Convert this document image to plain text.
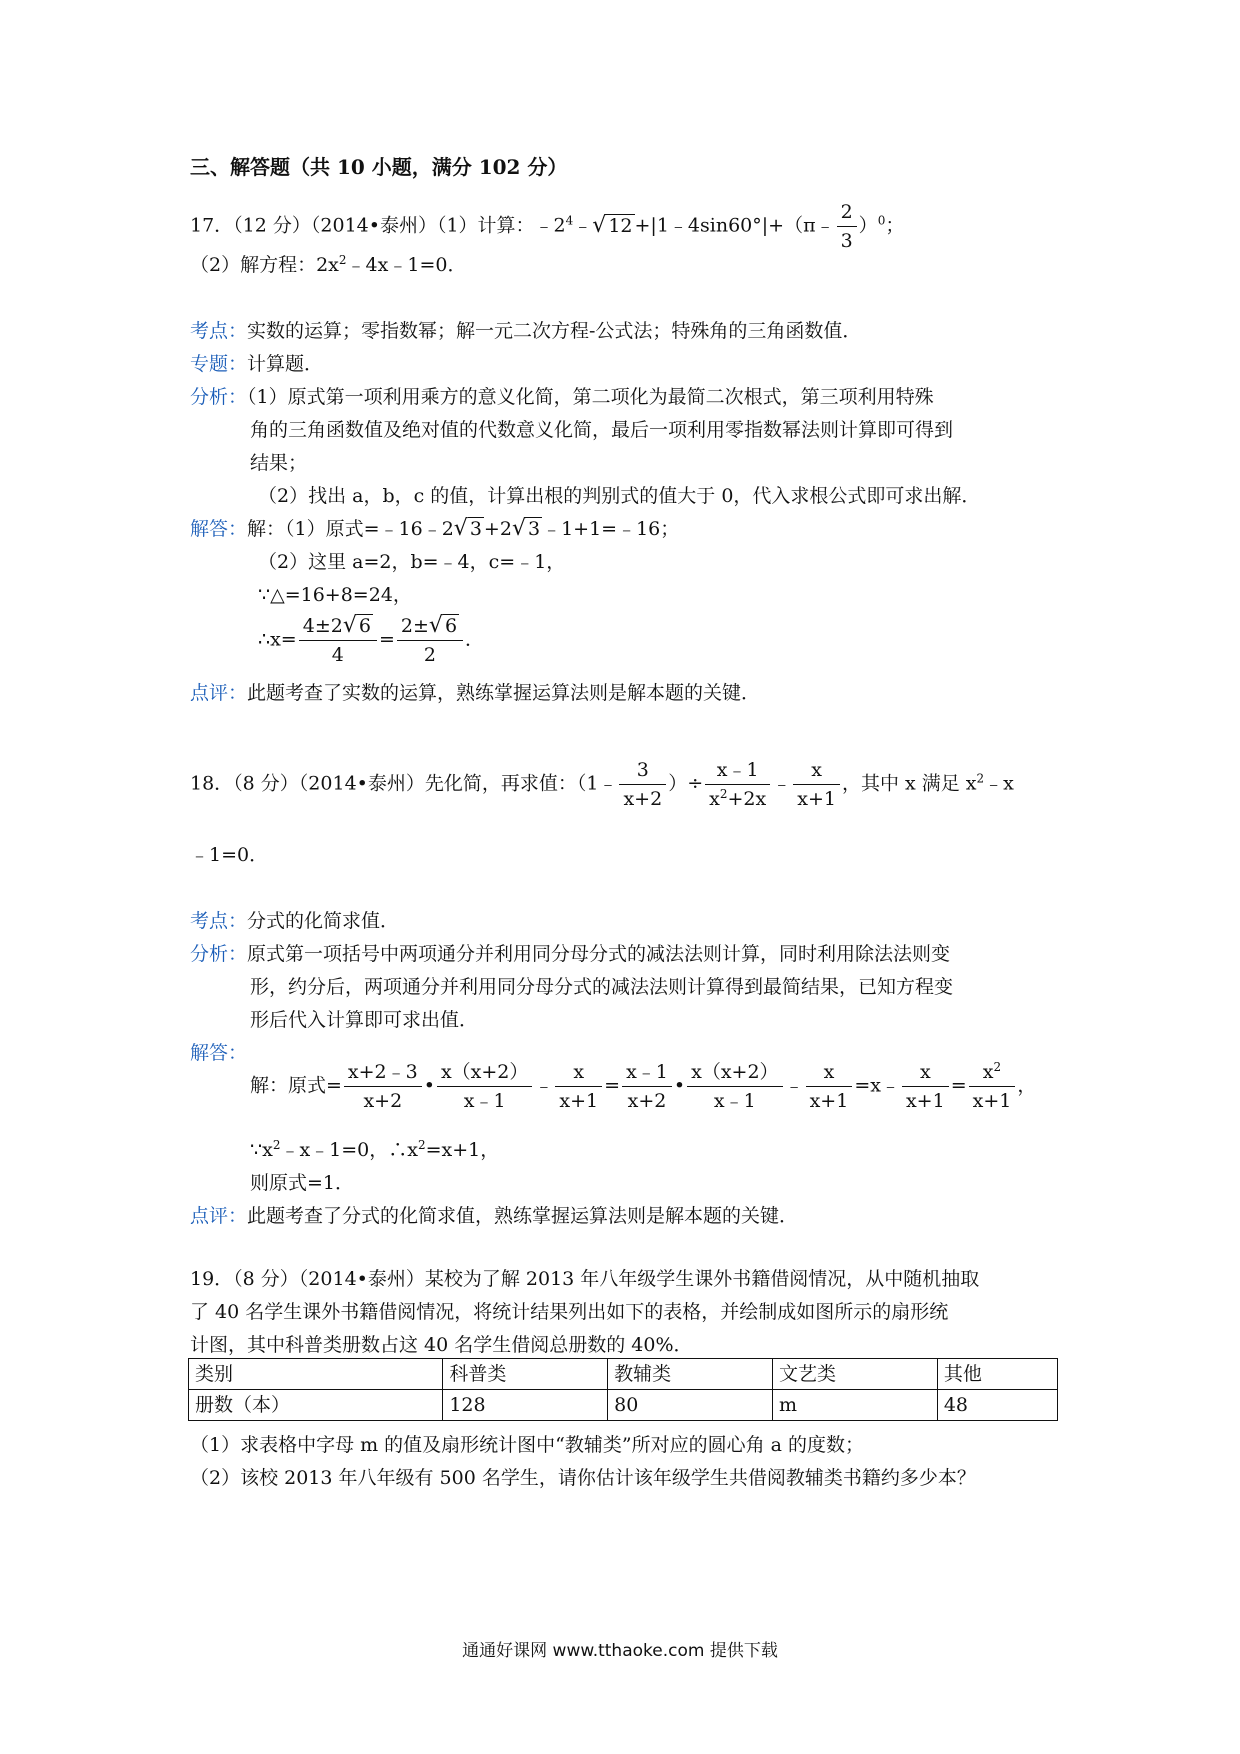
三、解答题（共 10 小题，满分 102 分）
17．（12 分）（2014•泰州）（1）计算：$﹣2^4﹣√$ 12 +|1﹣4sin60°|+（π﹣ $\frac{2}{3} )^0$；
（2）解方程：$2x^2﹣4x﹣1=0$．
考点：实数的运算；零指数幂；解一元二次方程-公式法；特殊角的三角函数值．
专题：计算题．
分析：（1）原式第一项利用乘方的意义化简，第二项化为最简二次根式，第三项利用特殊
角的三角函数值及绝对值的代数意义化简，最后一项利用零指数幂法则计算即可得到
结果；
（2）找出 a，b，c 的值，计算出根的判别式的值大于 0，代入求根公式即可求出解．
解答：解：（1）原式=﹣16﹣2√ 3 +2√ 3 ﹣1+1=﹣16；
（2）这里 a=2，b=﹣4，c=﹣1，
∵△=16+8=24，
∴x= $\frac{4\pm 2√ 6}{4} = \frac{2\pm√ 6}{2}$ ．
点评：此题考查了实数的运算，熟练掌握运算法则是解本题的关键．
18．（8 分）（2014•泰州）先化简，再求值：（1﹣ $\frac{3}{x+2}$ ）÷ $\frac{x﹣1}{x^2+2x}$ ﹣ $\frac{x}{x+1}$ ，其中 x 满足 $x^2﹣x$
﹣1=0．
考点：分式的化简求值．
分析：原式第一项括号中两项通分并利用同分母分式的减法法则计算，同时利用除法法则变
形，约分后，两项通分并利用同分母分式的减法法则计算得到最简结果，已知方程变
形后代入计算即可求出值．
解答：
解：原式= $\frac{x+2﹣3}{x+2}$ • $\frac{x(x+2)}{x﹣1}$ ﹣ $\frac{x}{x+1} = \frac{x﹣1}{x+2}$ • $\frac{x(x+2)}{x﹣1}$ ﹣ $\frac{x}{x+1}$ =x﹣ $\frac{x}{x+1} = \frac{x^2}{x+1}$ ，
$\because x^2﹣x﹣1=0$，$\therefore x^2=x+1$，
则原式=1．
点评：此题考查了分式的化简求值，熟练掌握运算法则是解本题的关键．
19．（8 分）（2014•泰州）某校为了解 2013 年八年级学生课外书籍借阅情况，从中随机抽取
了 40 名学生课外书籍借阅情况，将统计结果列出如下的表格，并绘制成如图所示的扇形统
计图，其中科普类册数占这 40 名学生借阅总册数的 40%．
类别	科普类	教辅类	文艺类	其他
册数（本）	128	80	m	48
（1）求表格中字母 m 的值及扇形统计图中“教辅类”所对应的圆心角 a 的度数；
（2）该校 2013 年八年级有 500 名学生，请你估计该年级学生共借阅教辅类书籍约多少本？
通通好课网 www.tthaoke.com 提供下载
